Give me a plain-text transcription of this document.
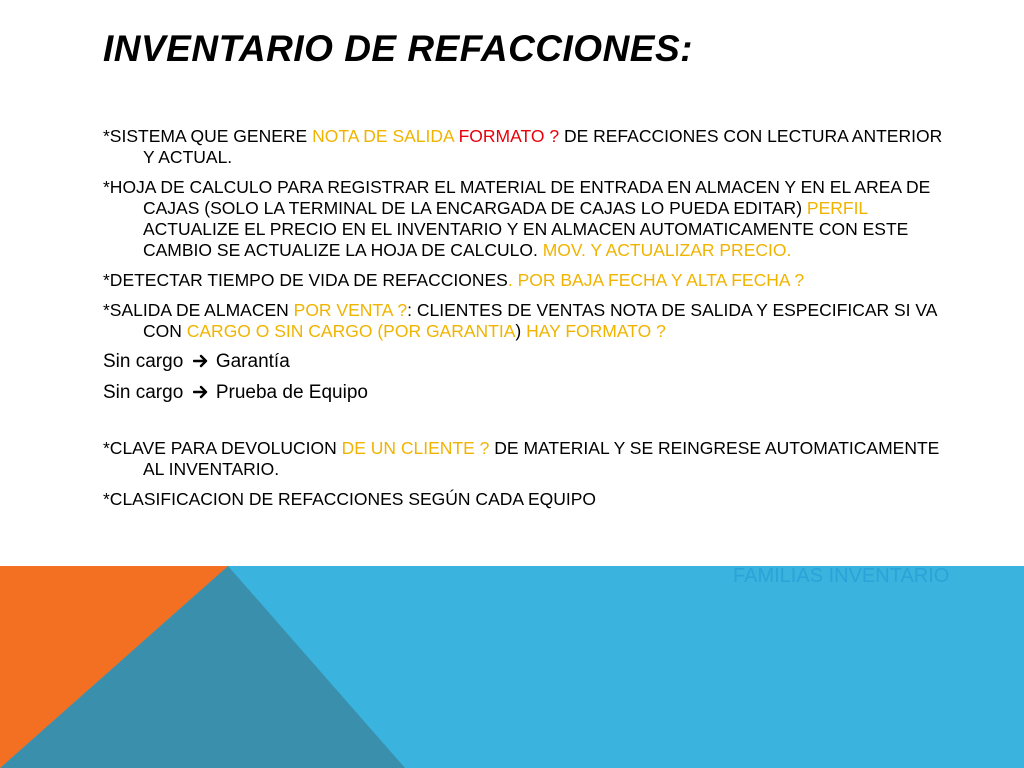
INVENTARIO DE REFACCIONES:

*SISTEMA QUE GENERE NOTA DE SALIDA FORMATO ? DE REFACCIONES CON LECTURA ANTERIOR Y ACTUAL.

*HOJA DE CALCULO PARA REGISTRAR EL MATERIAL DE ENTRADA EN ALMACEN Y EN EL AREA DE CAJAS (SOLO LA TERMINAL DE LA ENCARGADA DE CAJAS LO PUEDA EDITAR) PERFIL ACTUALIZE EL PRECIO EN EL INVENTARIO Y EN ALMACEN AUTOMATICAMENTE CON ESTE CAMBIO SE ACTUALIZE LA HOJA DE CALCULO. MOV. Y ACTUALIZAR PRECIO.

*DETECTAR TIEMPO DE VIDA DE REFACCIONES. POR BAJA FECHA Y ALTA FECHA ?

*SALIDA DE ALMACEN POR VENTA ?: CLIENTES DE VENTAS NOTA DE SALIDA Y ESPECIFICAR SI VA CON CARGO O SIN CARGO (POR GARANTIA) HAY FORMATO ?

Sin cargo  Garantía

Sin cargo  Prueba de Equipo

*CLAVE PARA DEVOLUCION DE UN CLIENTE ? DE MATERIAL Y SE REINGRESE AUTOMATICAMENTE AL INVENTARIO.

*CLASIFICACION DE REFACCIONES SEGÚN CADA EQUIPO

FAMILIAS INVENTARIO
